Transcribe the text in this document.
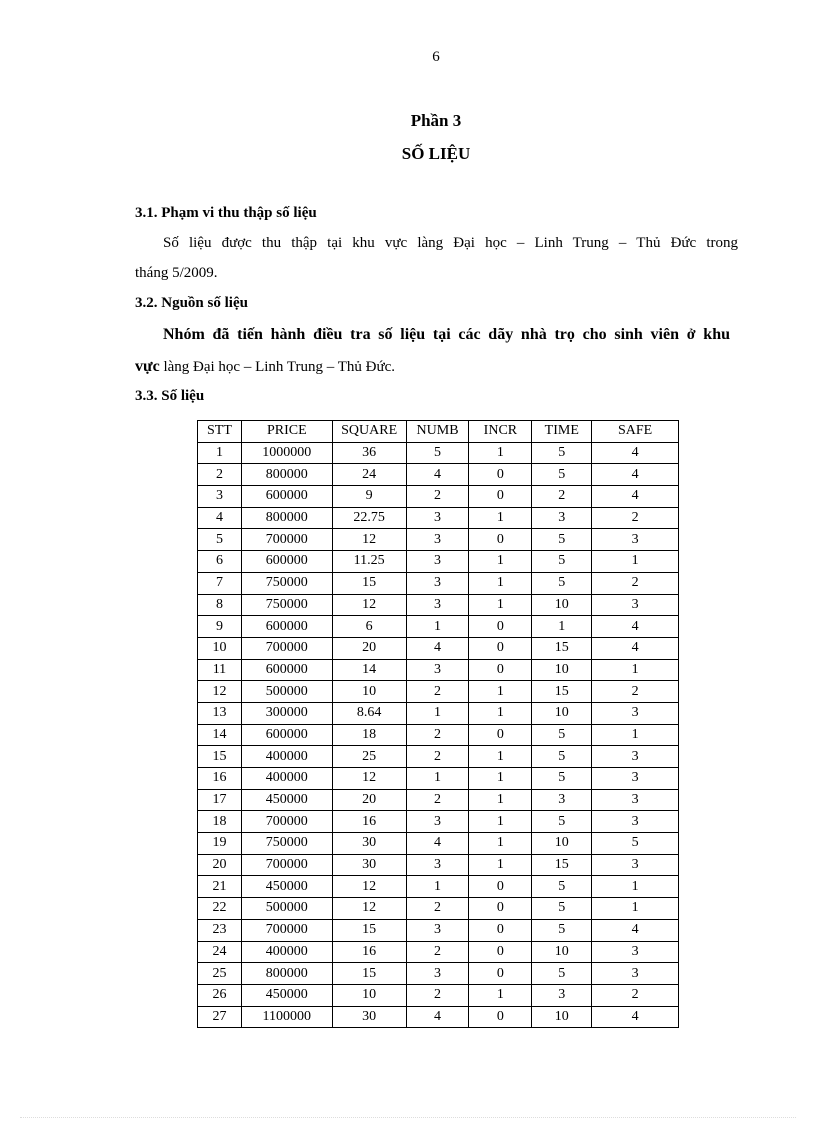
6
Phần 3
SỐ LIỆU
3.1. Phạm vi thu thập số liệu
Số liệu được thu thập tại khu vực làng Đại học – Linh Trung – Thủ Đức trong
tháng 5/2009.
3.2. Nguồn số liệu
Nhóm đã tiến hành điều tra số liệu tại các dãy nhà trọ cho sinh viên ở khu
vực làng Đại học – Linh Trung – Thủ Đức.
3.3. Số liệu
STT	PRICE	SQUARE	NUMB	INCR	TIME	SAFE
1	1000000	36	5	1	5	4
2	800000	24	4	0	5	4
3	600000	9	2	0	2	4
4	800000	22.75	3	1	3	2
5	700000	12	3	0	5	3
6	600000	11.25	3	1	5	1
7	750000	15	3	1	5	2
8	750000	12	3	1	10	3
9	600000	6	1	0	1	4
10	700000	20	4	0	15	4
11	600000	14	3	0	10	1
12	500000	10	2	1	15	2
13	300000	8.64	1	1	10	3
14	600000	18	2	0	5	1
15	400000	25	2	1	5	3
16	400000	12	1	1	5	3
17	450000	20	2	1	3	3
18	700000	16	3	1	5	3
19	750000	30	4	1	10	5
20	700000	30	3	1	15	3
21	450000	12	1	0	5	1
22	500000	12	2	0	5	1
23	700000	15	3	0	5	4
24	400000	16	2	0	10	3
25	800000	15	3	0	5	3
26	450000	10	2	1	3	2
27	1100000	30	4	0	10	4
